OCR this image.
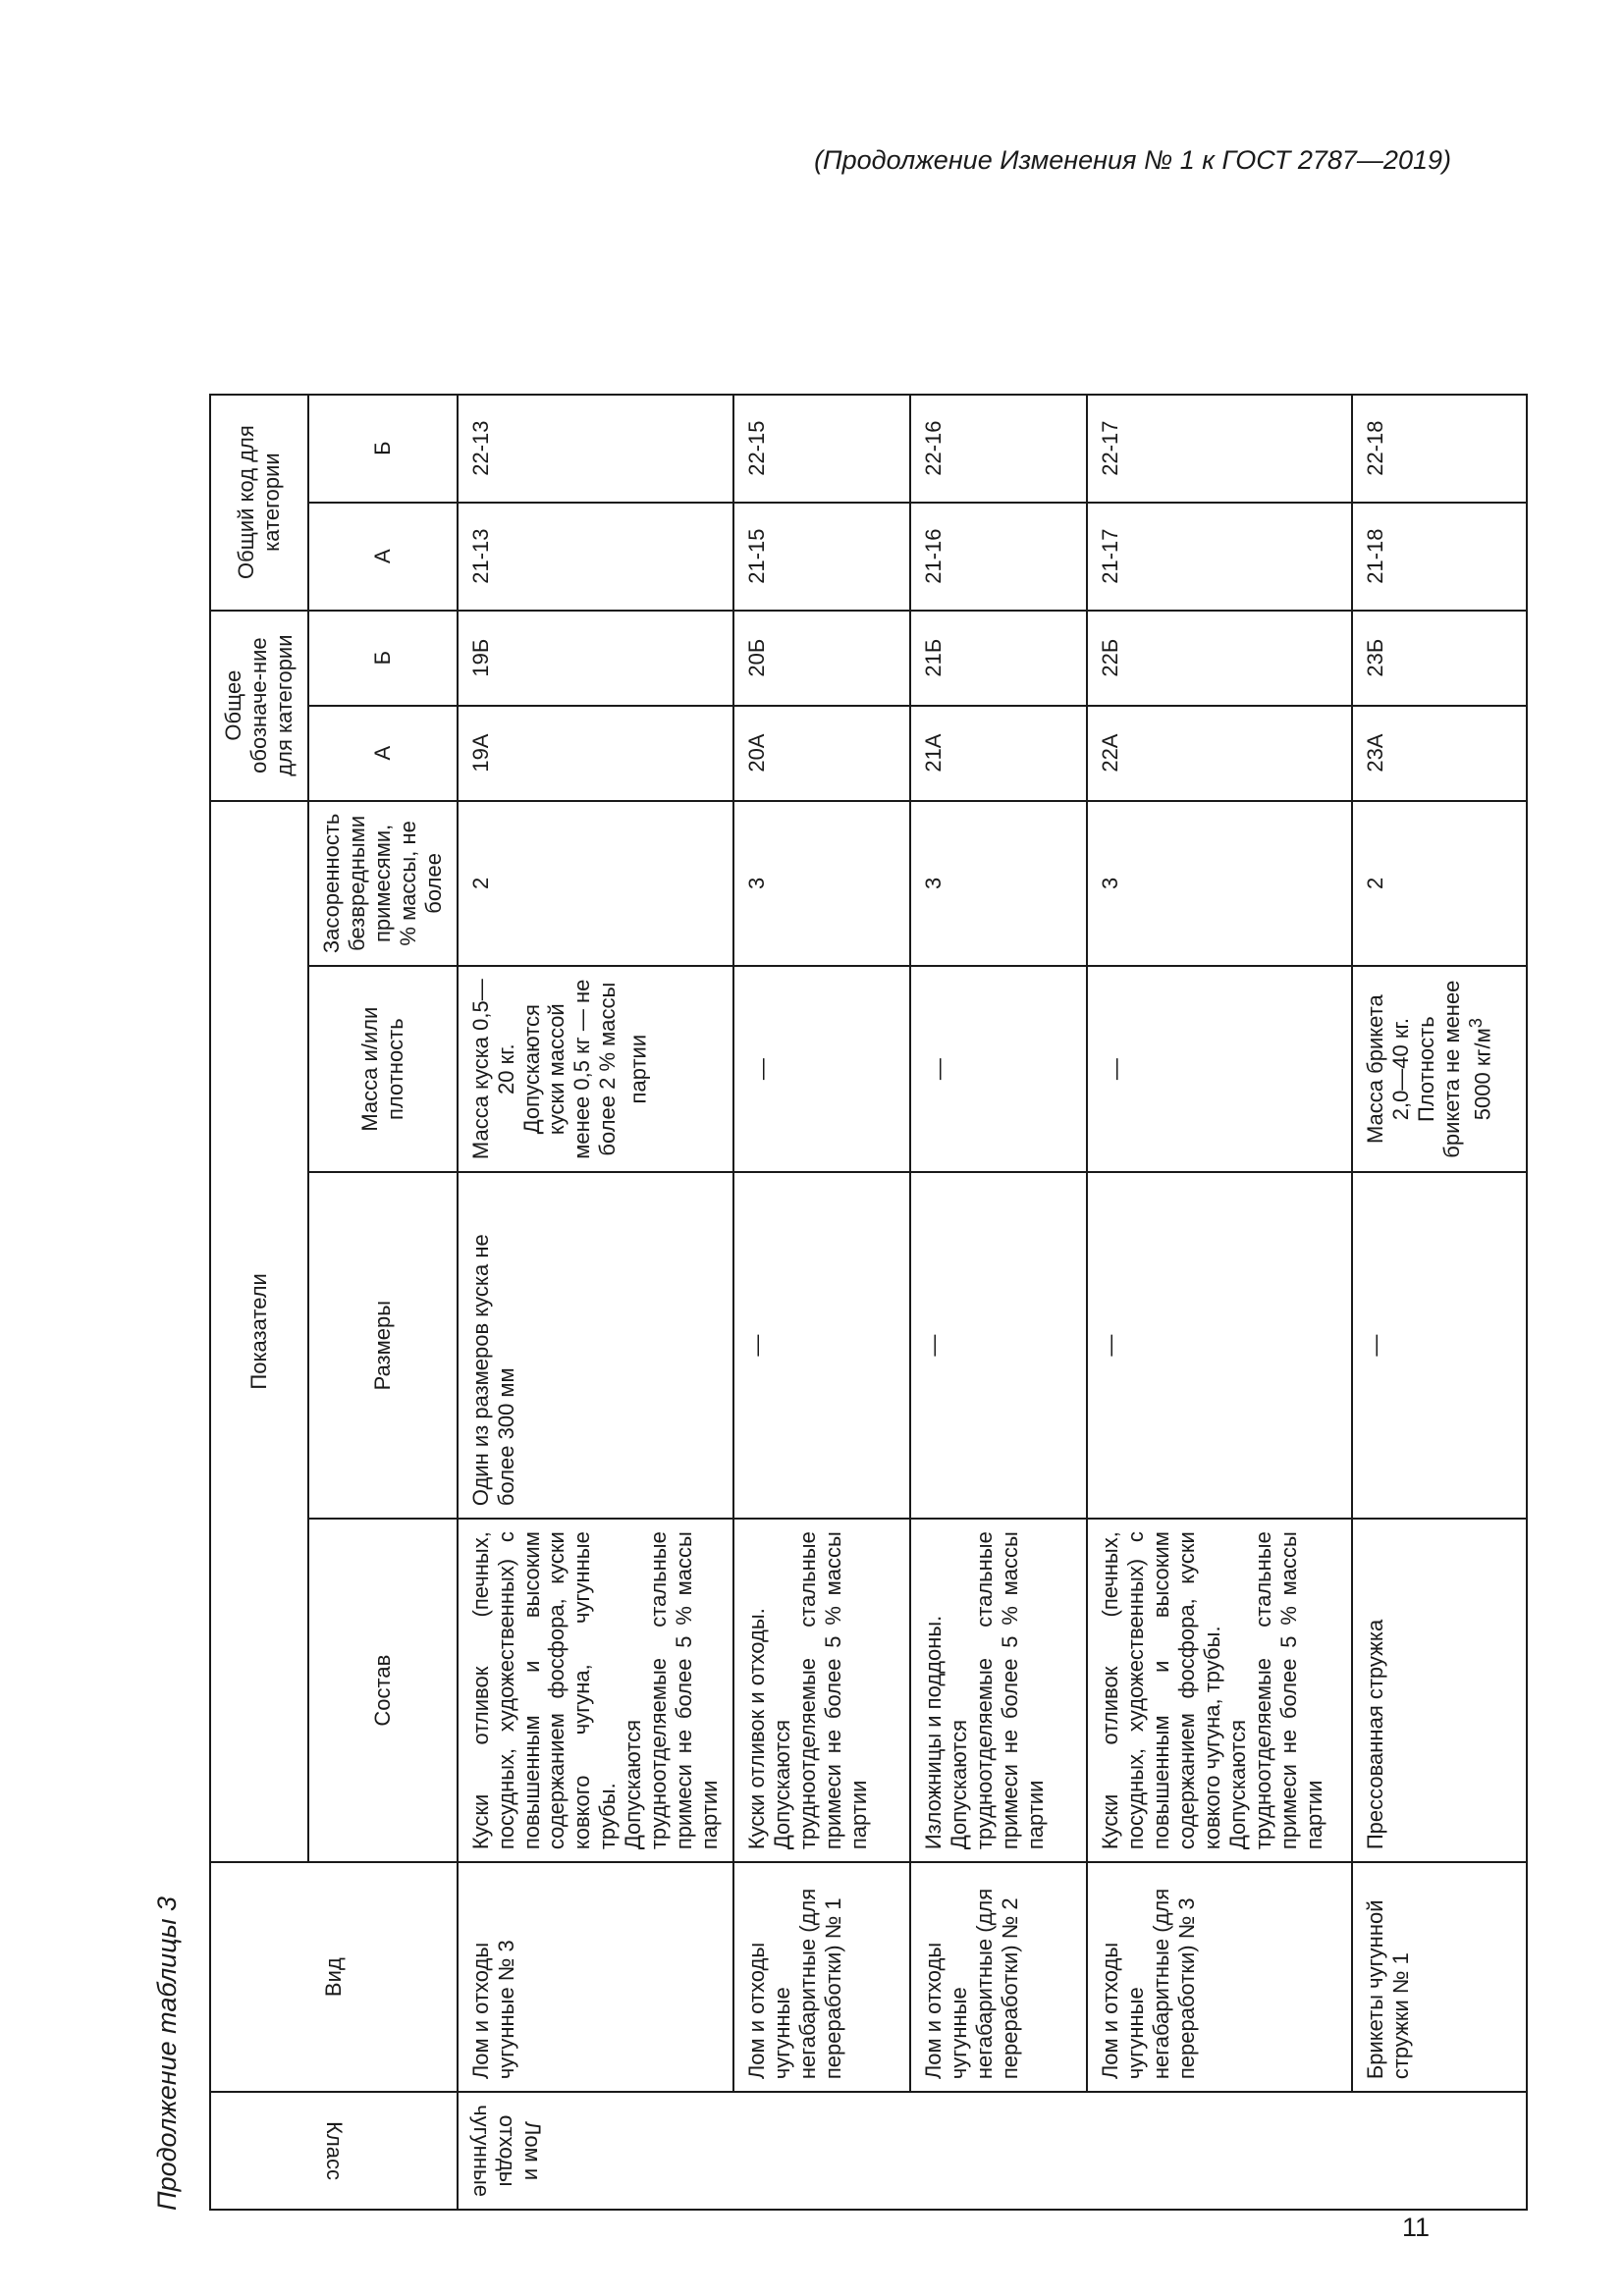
(Продолжение Изменения № 1 к ГОСТ 2787—2019)
Продолжение таблицы 3	Класс	Вид	Показатели				Общее обозначе-ние для категории		Общий код для категории	
		Состав	Размеры	Масса и/или плотность	Засоренность безвредными примесями, % массы, не более	А	Б	А	Б
Лом и отходы чугунные	Лом и отходы чугунные № 3	Куски отливок (печных, посудных, художественных) с повышенным и высоким содержанием фосфора, куски ковкого чугуна, чугунные трубы.
Допускаются трудноотделяемые стальные примеси не более 5 % массы партии	Один из размеров куска не более 300 мм	Масса куска 0,5—20 кг. Допускаются куски массой менее 0,5 кг — не более 2 % массы партии	2	19А	19Б	21-13	22-13
	Лом и отходы чугунные негабаритные (для переработки) № 1	Куски отливок и отходы.
Допускаются трудноотделяемые стальные примеси не более 5 % массы партии	—	—	3	20А	20Б	21-15	22-15
	Лом и отходы чугунные негабаритные (для переработки) № 2	Изложницы и поддоны.
Допускаются трудноотделяемые стальные примеси не более 5 % массы партии	—	—	3	21А	21Б	21-16	22-16
	Лом и отходы чугунные негабаритные (для переработки) № 3	Куски отливок (печных, посудных, художественных) с повышенным и высоким содержанием фосфора, куски ковкого чугуна, трубы.
Допускаются трудноотделяемые стальные примеси не более 5 % массы партии	—	—	3	22А	22Б	21-17	22-17
	Брикеты чугунной стружки № 1	Прессованная стружка	—	Масса брикета 2,0—40 кг. Плотность брикета не менее 5000 $кг/м^3$	2	23А	23Б	21-18	22-18
11
